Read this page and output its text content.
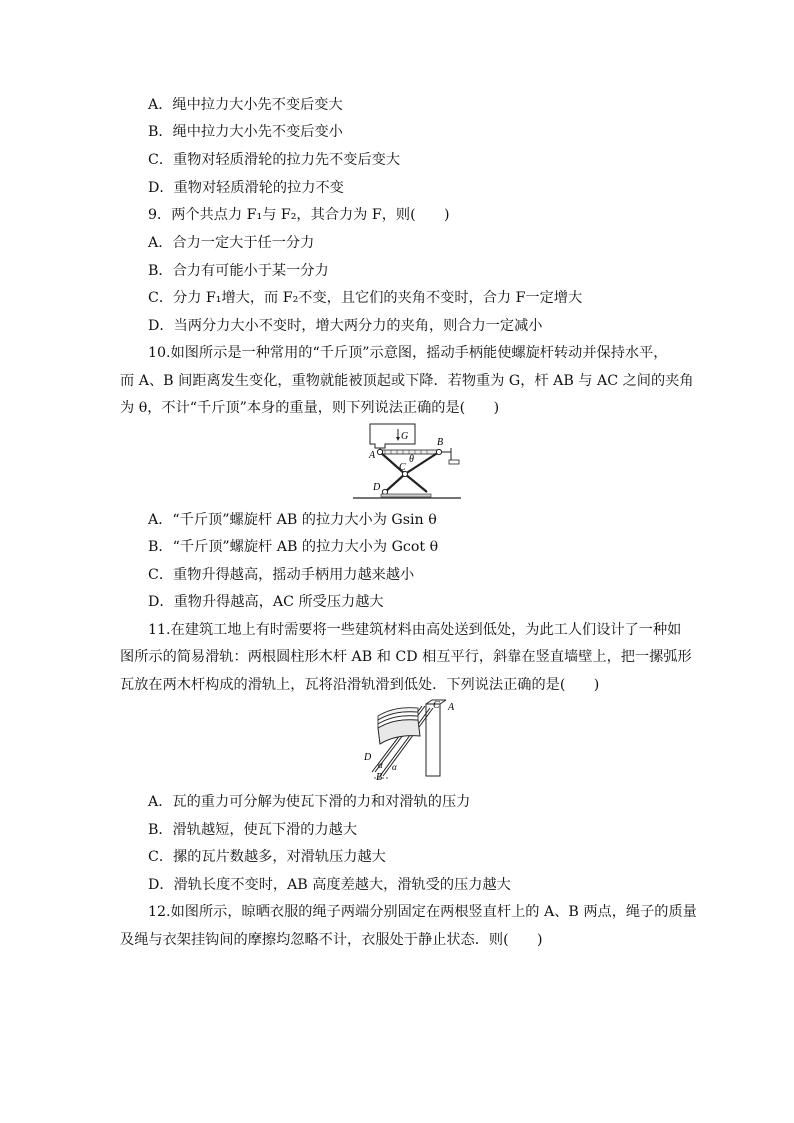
A．绳中拉力大小先不变后变大
B．绳中拉力大小先不变后变小
C．重物对轻质滑轮的拉力先不变后变大
D．重物对轻质滑轮的拉力不变
9．两个共点力 F₁与 F₂，其合力为 F，则(　　)
A．合力一定大于任一分力
B．合力有可能小于某一分力
C．分力 F₁增大，而 F₂不变，且它们的夹角不变时，合力 F一定增大
D．当两分力大小不变时，增大两分力的夹角，则合力一定减小
10.如图所示是一种常用的“千斤顶”示意图，摇动手柄能使螺旋杆转动并保持水平，
而 A、B 间距离发生变化，重物就能被顶起或下降．若物重为 G，杆 AB 与 AC 之间的夹角
为 θ，不计“千斤顶”本身的重量，则下列说法正确的是(　　)
G
A
B
C
D
θ
A．“千斤顶”螺旋杆 AB 的拉力大小为 Gsin θ
B．“千斤顶”螺旋杆 AB 的拉力大小为 Gcot θ
C．重物升得越高，摇动手柄用力越来越小
D．重物升得越高，AC 所受压力越大
11.在建筑工地上有时需要将一些建筑材料由高处送到低处，为此工人们设计了一种如
图所示的简易滑轨：两根圆柱形木杆 AB 和 CD 相互平行，斜靠在竖直墙壁上，把一摞弧形
瓦放在两木杆构成的滑轨上，瓦将沿滑轨滑到低处．下列说法正确的是(　　)
C A
D
B
α α
A．瓦的重力可分解为使瓦下滑的力和对滑轨的压力
B．滑轨越短，使瓦下滑的力越大
C．摞的瓦片数越多，对滑轨压力越大
D．滑轨长度不变时，AB 高度差越大，滑轨受的压力越大
12.如图所示，晾晒衣服的绳子两端分别固定在两根竖直杆上的 A、B 两点，绳子的质量
及绳与衣架挂钩间的摩擦均忽略不计，衣服处于静止状态．则(　　)
